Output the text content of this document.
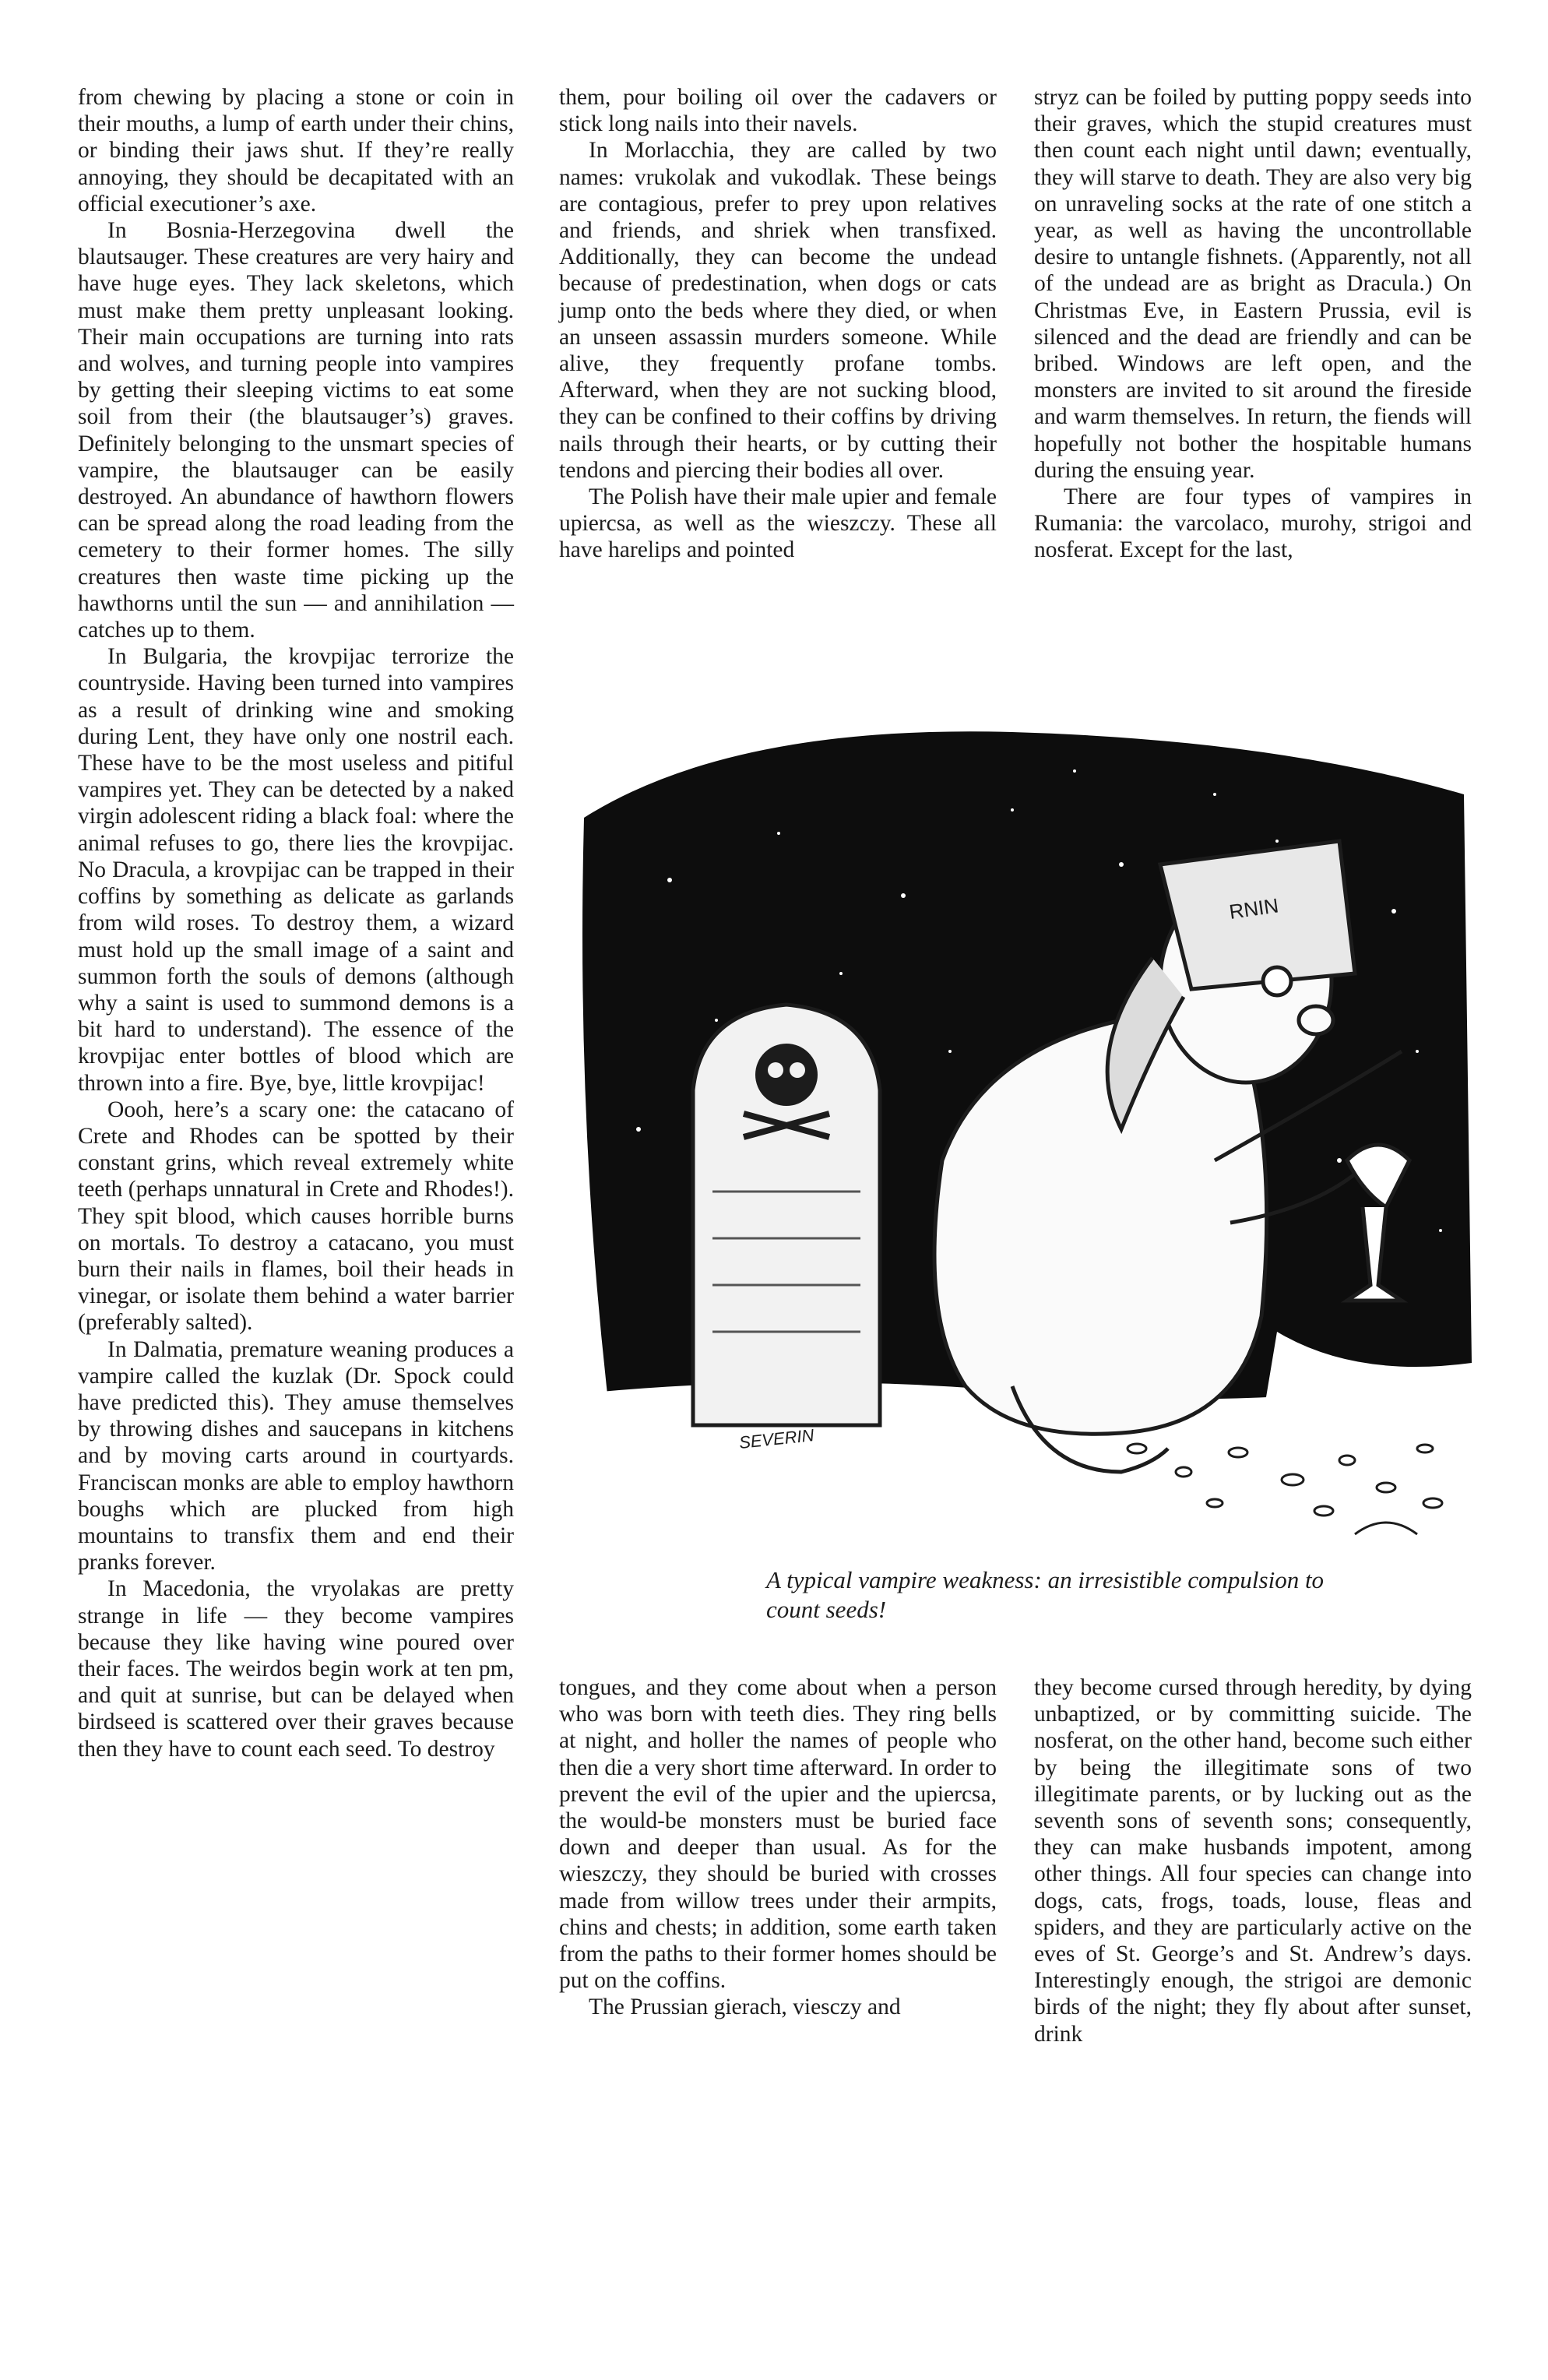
from chewing by placing a stone or coin in their mouths, a lump of earth under their chins, or binding their jaws shut. If they’re really annoying, they should be decapitated with an official executioner’s axe.

In Bosnia-Herzegovina dwell the blautsauger. These creatures are very hairy and have huge eyes. They lack skeletons, which must make them pretty unpleasant looking. Their main occupations are turning into rats and wolves, and turning people into vampires by getting their sleeping victims to eat some soil from their (the blautsauger’s) graves. Definitely belonging to the unsmart species of vampire, the blautsauger can be easily destroyed. An abundance of hawthorn flowers can be spread along the road leading from the cemetery to their former homes. The silly creatures then waste time picking up the hawthorns until the sun — and annihilation — catches up to them.

In Bulgaria, the krovpijac terrorize the countryside. Having been turned into vampires as a result of drinking wine and smoking during Lent, they have only one nostril each. These have to be the most useless and pitiful vampires yet. They can be detected by a naked virgin adolescent riding a black foal: where the animal refuses to go, there lies the krovpijac. No Dracula, a krovpijac can be trapped in their coffins by something as delicate as garlands from wild roses. To destroy them, a wizard must hold up the small image of a saint and summon forth the souls of demons (although why a saint is used to summond demons is a bit hard to understand). The essence of the krovpijac enter bottles of blood which are thrown into a fire. Bye, bye, little krovpijac!

Oooh, here’s a scary one: the catacano of Crete and Rhodes can be spotted by their constant grins, which reveal extremely white teeth (perhaps unnatural in Crete and Rhodes!). They spit blood, which causes horrible burns on mortals. To destroy a catacano, you must burn their nails in flames, boil their heads in vinegar, or isolate them behind a water barrier (preferably salted).

In Dalmatia, premature weaning produces a vampire called the kuzlak (Dr. Spock could have predicted this). They amuse themselves by throwing dishes and saucepans in kitchens and by moving carts around in courtyards. Franciscan monks are able to employ hawthorn boughs which are plucked from high mountains to transfix them and end their pranks forever.

In Macedonia, the vryolakas are pretty strange in life — they become vampires because they like having wine poured over their faces. The weirdos begin work at ten pm, and quit at sunrise, but can be delayed when birdseed is scattered over their graves because then they have to count each seed. To destroy

them, pour boiling oil over the cadavers or stick long nails into their navels.

In Morlacchia, they are called by two names: vrukolak and vukodlak. These beings are contagious, prefer to prey upon relatives and friends, and shriek when transfixed. Additionally, they can become the undead because of predestination, when dogs or cats jump onto the beds where they died, or when an unseen assassin murders someone. While alive, they frequently profane tombs. Afterward, when they are not sucking blood, they can be confined to their coffins by driving nails through their hearts, or by cutting their tendons and piercing their bodies all over.

The Polish have their male upier and female upiercsa, as well as the wieszczy. These all have harelips and pointed

stryz can be foiled by putting poppy seeds into their graves, which the stupid creatures must then count each night until dawn; eventually, they will starve to death. They are also very big on unraveling socks at the rate of one stitch a year, as well as having the uncontrollable desire to untangle fishnets. (Apparently, not all of the undead are as bright as Dracula.) On Christmas Eve, in Eastern Prussia, evil is silenced and the dead are friendly and can be bribed. Windows are left open, and the monsters are invited to sit around the fireside and warm themselves. In return, the fiends will hopefully not bother the hospitable humans during the ensuing year.

There are four types of vampires in Rumania: the varcolaco, murohy, strigoi and nosferat. Except for the last,

RNIN
SEVERIN
A typical vampire weakness: an irresistible compulsion to count seeds!

tongues, and they come about when a person who was born with teeth dies. They ring bells at night, and holler the names of people who then die a very short time afterward. In order to prevent the evil of the upier and the upiercsa, the would-be monsters must be buried face down and deeper than usual. As for the wieszczy, they should be buried with crosses made from willow trees under their armpits, chins and chests; in addition, some earth taken from the paths to their former homes should be put on the coffins.

The Prussian gierach, viesczy and

they become cursed through heredity, by dying unbaptized, or by committing suicide. The nosferat, on the other hand, become such either by being the illegitimate sons of two illegitimate parents, or by lucking out as the seventh sons of seventh sons; consequently, they can make husbands impotent, among other things. All four species can change into dogs, cats, frogs, toads, louse, fleas and spiders, and they are particularly active on the eves of St. George’s and St. Andrew’s days. Interestingly enough, the strigoi are demonic birds of the night; they fly about after sunset, drink
